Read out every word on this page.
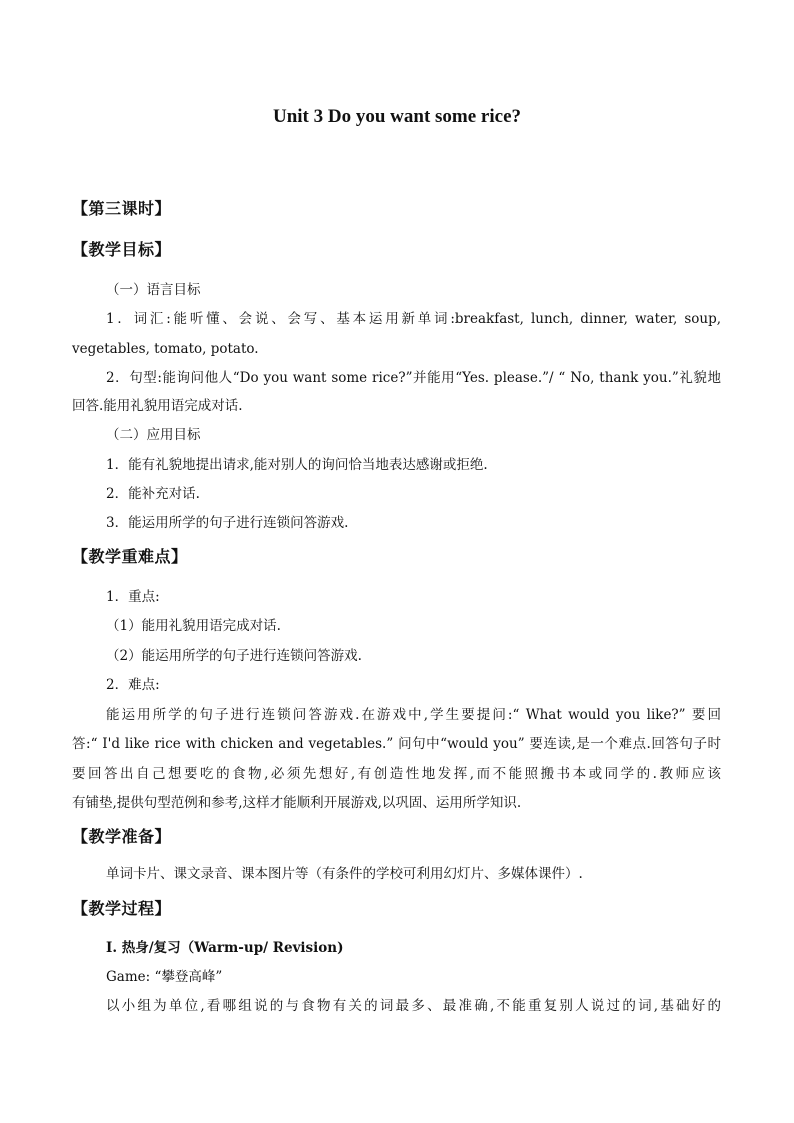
Unit 3 Do you want some rice?
【第三课时】
【教学目标】
（一）语言目标
1．词汇:能听懂、会说、会写、基本运用新单词:breakfast, lunch, dinner, water, soup,
vegetables, tomato, potato.
2．句型:能询问他人“Do you want some rice?”并能用“Yes. please.”/ “ No, thank you.”礼貌地
回答.能用礼貌用语完成对话.
（二）应用目标
1．能有礼貌地提出请求,能对别人的询问恰当地表达感谢或拒绝.
2．能补充对话.
3．能运用所学的句子进行连锁问答游戏.
【教学重难点】
1．重点:
（1）能用礼貌用语完成对话.
（2）能运用所学的句子进行连锁问答游戏.
2．难点:
能运用所学的句子进行连锁问答游戏.在游戏中,学生要提问:“ What would you like?” 要回
答:“ I'd like rice with chicken and vegetables.” 问句中“would you” 要连读,是一个难点.回答句子时
要回答出自己想要吃的食物,必须先想好,有创造性地发挥,而不能照搬书本或同学的.教师应该
有铺垫,提供句型范例和参考,这样才能顺利开展游戏,以巩固、运用所学知识.
【教学准备】
单词卡片、课文录音、课本图片等（有条件的学校可利用幻灯片、多媒体课件）.
【教学过程】
I. 热身/复习（Warm-up/ Revision)
Game: “攀登高峰”
以小组为单位,看哪组说的与食物有关的词最多、最准确,不能重复别人说过的词,基础好的
